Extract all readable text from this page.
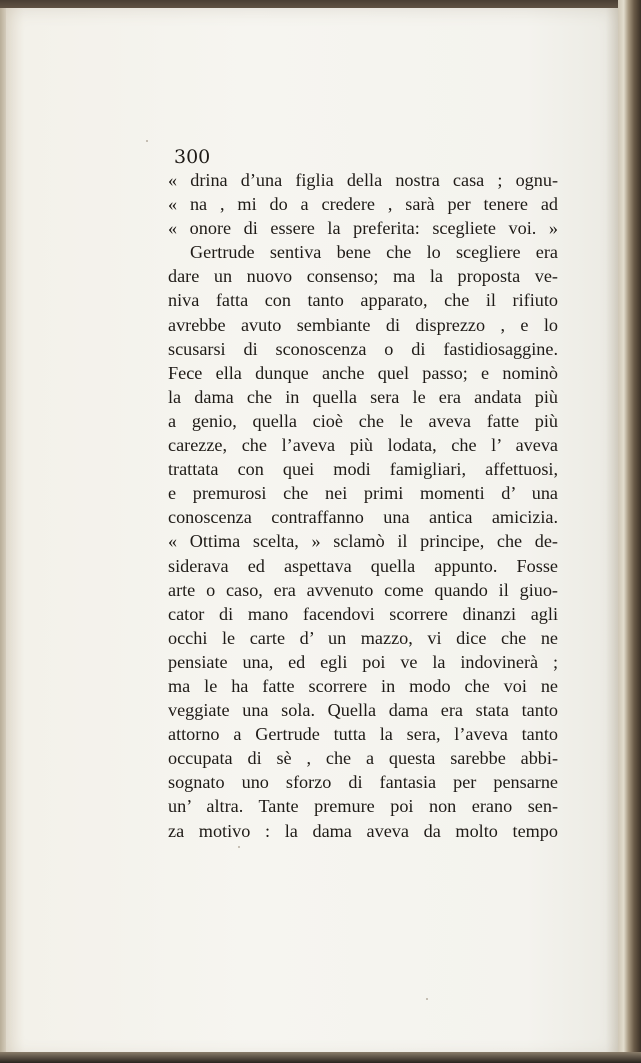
300

« drina d’una figlia della nostra casa ; ognu-
« na , mi do a credere , sarà per tenere ad
« onore di essere la preferita: scegliete voi. »
Gertrude sentiva bene che lo scegliere era
dare un nuovo consenso; ma la proposta ve-
niva fatta con tanto apparato, che il rifiuto
avrebbe avuto sembiante di disprezzo , e lo
scusarsi di sconoscenza o di fastidiosaggine.
Fece ella dunque anche quel passo; e nominò
la dama che in quella sera le era andata più
a genio, quella cioè che le aveva fatte più
carezze, che l’aveva più lodata, che l’ aveva
trattata con quei modi famigliari, affettuosi,
e premurosi che nei primi momenti d’ una
conoscenza contraffanno una antica amicizia.
« Ottima scelta, » sclamò il principe, che de-
siderava ed aspettava quella appunto. Fosse
arte o caso, era avvenuto come quando il giuo-
cator di mano facendovi scorrere dinanzi agli
occhi le carte d’ un mazzo, vi dice che ne
pensiate una, ed egli poi ve la indovinerà ;
ma le ha fatte scorrere in modo che voi ne
veggiate una sola. Quella dama era stata tanto
attorno a Gertrude tutta la sera, l’aveva tanto
occupata di sè , che a questa sarebbe abbi-
sognato uno sforzo di fantasia per pensarne
un’ altra. Tante premure poi non erano sen-
za motivo : la dama aveva da molto tempo
